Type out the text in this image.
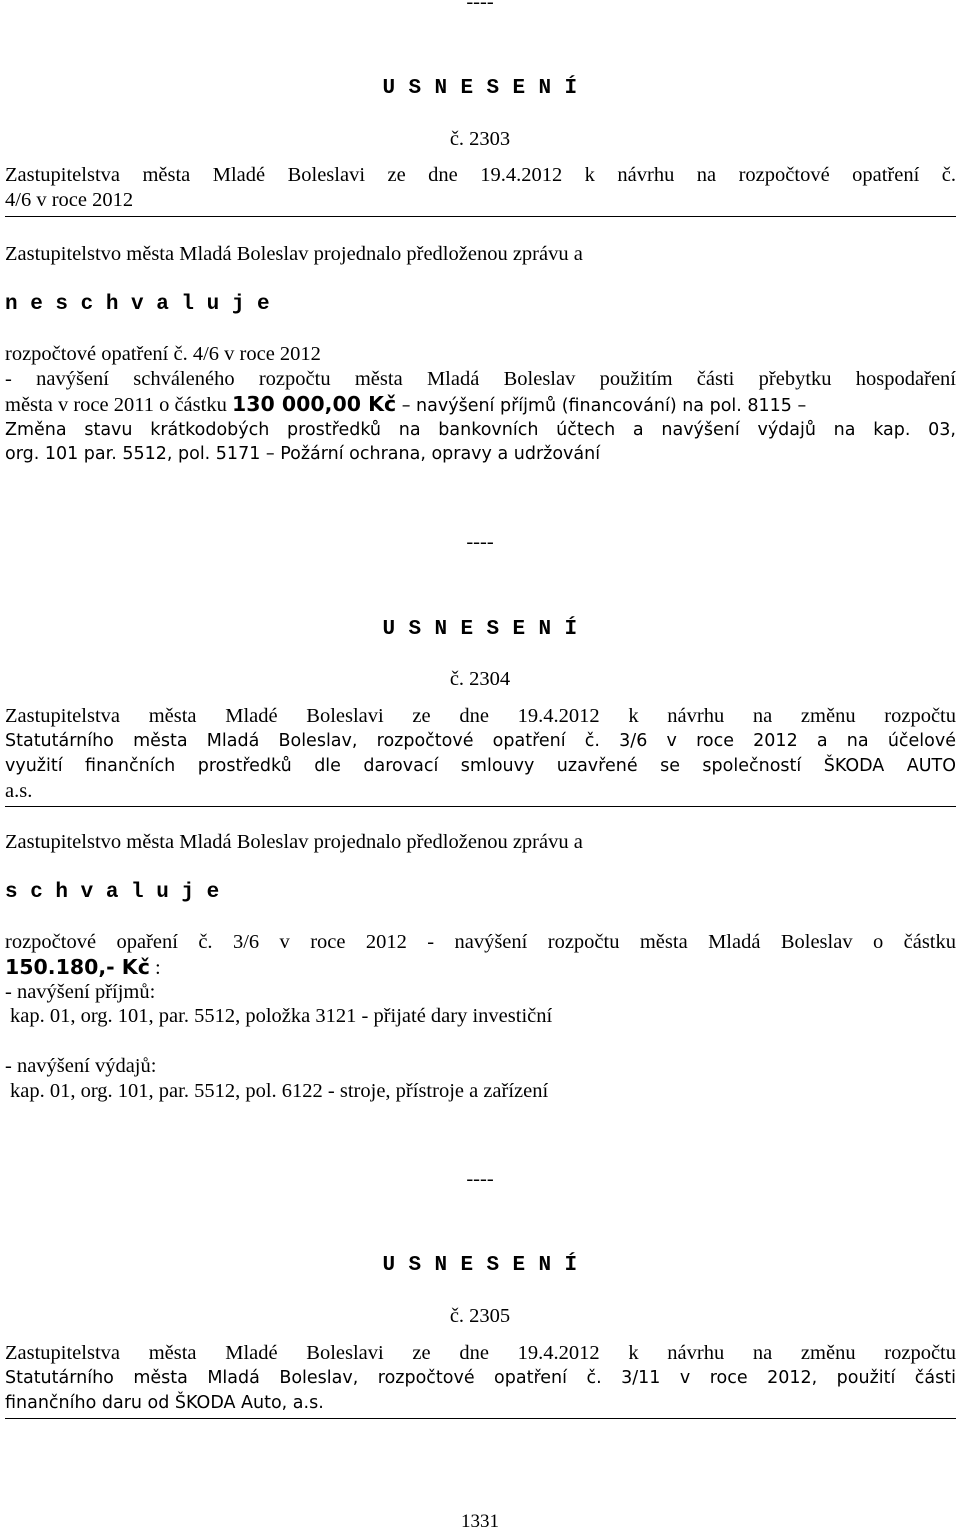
----
U S N E S E N Í
č. 2303
Zastupitelstva města Mladé Boleslavi ze dne 19.4.2012 k návrhu na rozpočtové opatření č.
4/6 v roce 2012
Zastupitelstvo města Mladá Boleslav projednalo předloženou zprávu a
n e s c h v a l u j e
rozpočtové opatření č. 4/6 v roce 2012
- navýšení schváleného rozpočtu města Mladá Boleslav použitím části přebytku hospodaření
města v roce 2011 o částku 130 000,00 Kč – navýšení příjmů (financování) na pol. 8115 –
Změna stavu krátkodobých prostředků na bankovních účtech a navýšení výdajů na kap. 03,
org. 101 par. 5512, pol. 5171 – Požární ochrana, opravy a udržování
----
U S N E S E N Í
č. 2304
Zastupitelstva města Mladé Boleslavi ze dne 19.4.2012 k návrhu na změnu rozpočtu
Statutárního města Mladá Boleslav, rozpočtové opatření č. 3/6 v roce 2012 a na účelové
využití finančních prostředků dle darovací smlouvy uzavřené se společností ŠKODA AUTO
a.s.
Zastupitelstvo města Mladá Boleslav projednalo předloženou zprávu a
s c h v a l u j e
rozpočtové opaření č. 3/6 v roce 2012 - navýšení rozpočtu města Mladá Boleslav o částku
150.180,- Kč :
- navýšení příjmů:
kap. 01, org. 101, par. 5512, položka 3121 - přijaté dary investiční
- navýšení výdajů:
kap. 01, org. 101, par. 5512, pol. 6122 - stroje, přístroje a zařízení
----
U S N E S E N Í
č. 2305
Zastupitelstva města Mladé Boleslavi ze dne 19.4.2012 k návrhu na změnu rozpočtu
Statutárního města Mladá Boleslav, rozpočtové opatření č. 3/11 v roce 2012, použití části
finančního daru od ŠKODA Auto, a.s.
1331
